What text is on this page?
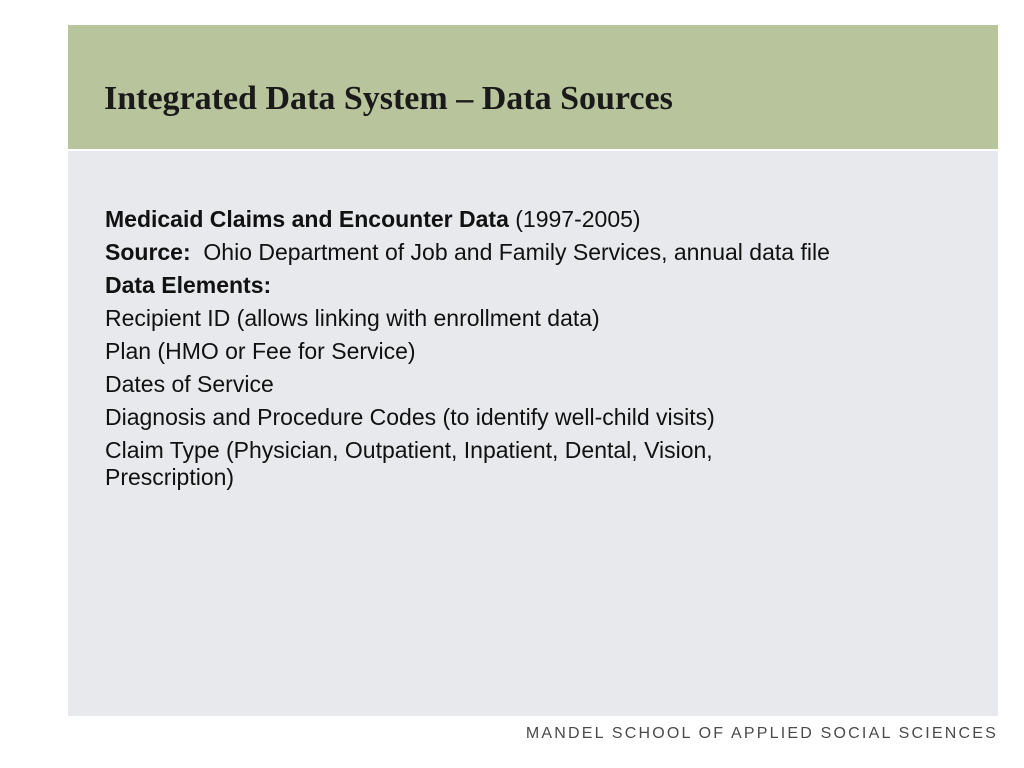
Integrated Data System – Data Sources
Medicaid Claims and Encounter Data (1997-2005)
Source: Ohio Department of Job and Family Services, annual data file
Data Elements:
Recipient ID (allows linking with enrollment data)
Plan (HMO or Fee for Service)
Dates of Service
Diagnosis and Procedure Codes (to identify well-child visits)
Claim Type (Physician, Outpatient, Inpatient, Dental, Vision, Prescription)
MANDEL SCHOOL OF APPLIED SOCIAL SCIENCES
